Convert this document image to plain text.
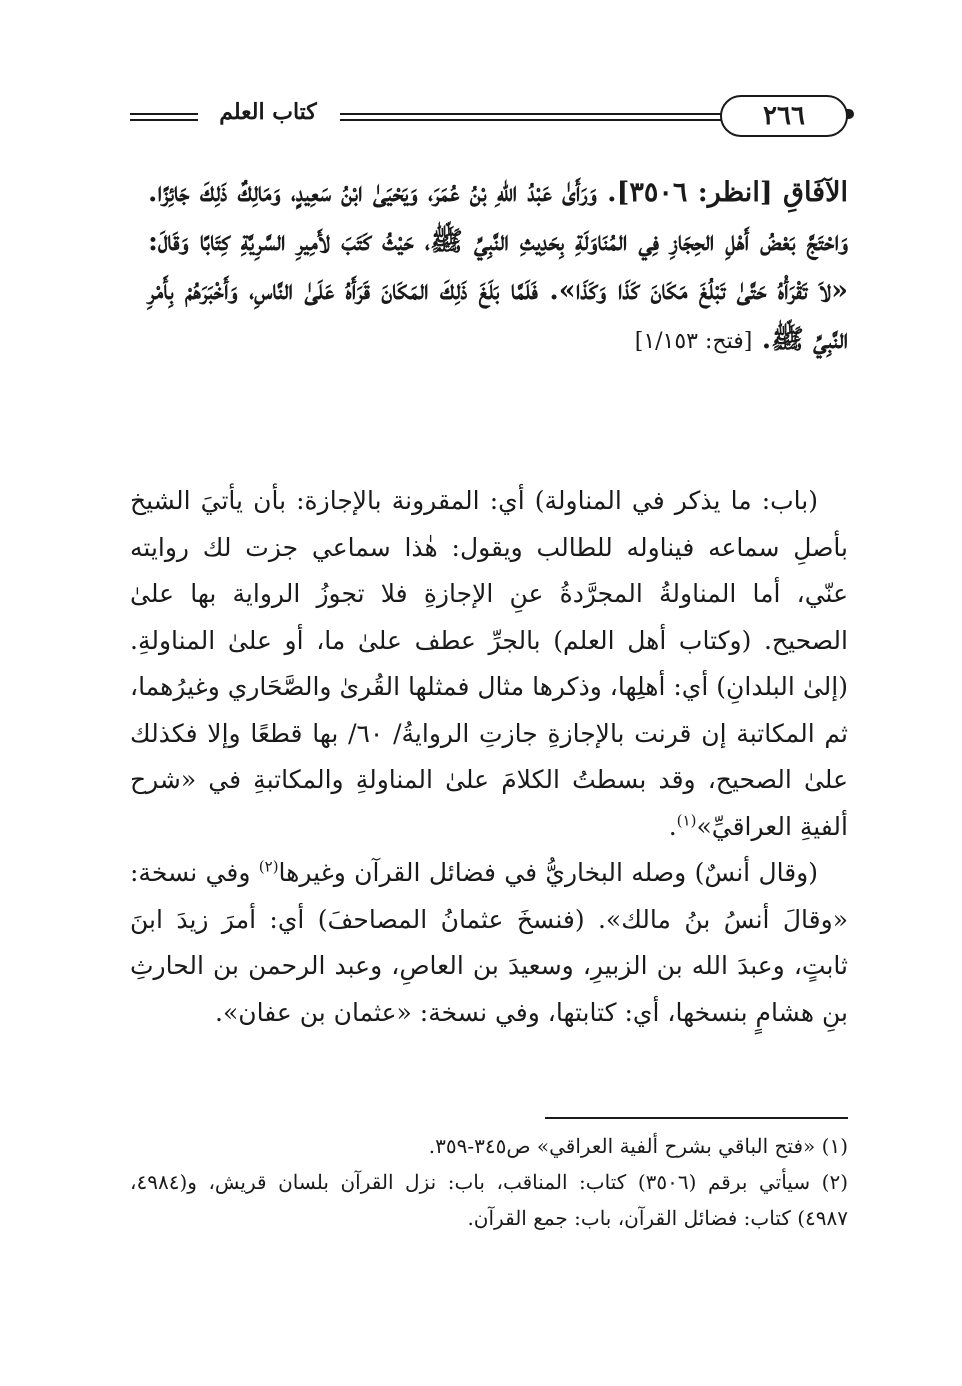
كتاب العلم	٢٦٦

الآفَاقِ [انظر: ٣٥٠٦]. وَرَأَىٰ عَبْدُ اللهِ بْنُ عُمَرَ، وَيَحْيَىٰ ابْنُ سَعِيدٍ، وَمَالِكٌ ذَلِكَ جَائِزًا. وَاحْتَجَّ بَعْضُ أَهْلِ الحِجَازِ فِي المُنَاوَلَةِ بِحَدِيثِ النَّبِيِّ ﷺ، حَيْثُ كَتَبَ لأَمِيرِ السَّرِيَّةِ كِتَابًا وَقَالَ: «لاَ تَقْرَأْهُ حَتَّىٰ تَبْلُغَ مَكَانَ كَذَا وَكَذَا». فَلَمَّا بَلَغَ ذَلِكَ المَكَانَ قَرَأَهُ عَلَىٰ النَّاسِ، وَأَخْبَرَهُمْ بِأَمْرِ النَّبِيِّ ﷺ. [فتح: ١/١٥٣]

(باب: ما يذكر في المناولة) أي: المقرونة بالإجازة: بأن يأتيَ الشيخ بأصلِ سماعه فيناوله للطالب ويقول: هٰذا سماعي جزت لك روايته عنّي، أما المناولةُ المجرَّدةُ عنِ الإجازةِ فلا تجوزُ الرواية بها علىٰ الصحيح. (وكتاب أهل العلم) بالجرِّ عطف علىٰ ما، أو علىٰ المناولةِ. (إلىٰ البلدانِ) أي: أهلِها، وذكرها مثال فمثلها القُرىٰ والصَّحَاري وغيرُهما، ثم المكاتبة إن قرنت بالإجازةِ جازتِ الروايةُ/ ٦٠/ بها قطعًا وإلا فكذلك علىٰ الصحيح، وقد بسطتُ الكلامَ علىٰ المناولةِ والمكاتبةِ في «شرح ألفيةِ العراقيِّ»$^{(١)}$.

(وقال أنسٌ) وصله البخاريُّ في فضائل القرآن وغيرها$^{(٢)}$ وفي نسخة: «وقالَ أنسُ بنُ مالك». (فنسخَ عثمانُ المصاحفَ) أي: أمرَ زيدَ ابنَ ثابتٍ، وعبدَ الله بن الزبيرِ، وسعيدَ بن العاصِ، وعبد الرحمن بن الحارثِ بنِ هشامٍ بنسخها، أي: كتابتها، وفي نسخة: «عثمان بن عفان».

(١) «فتح الباقي بشرح ألفية العراقي» ص٣٤٥-٣٥٩.

(٢) سيأتي برقم (٣٥٠٦) كتاب: المناقب، باب: نزل القرآن بلسان قريش، و(٤٩٨٤، ٤٩٨٧) كتاب: فضائل القرآن، باب: جمع القرآن.
